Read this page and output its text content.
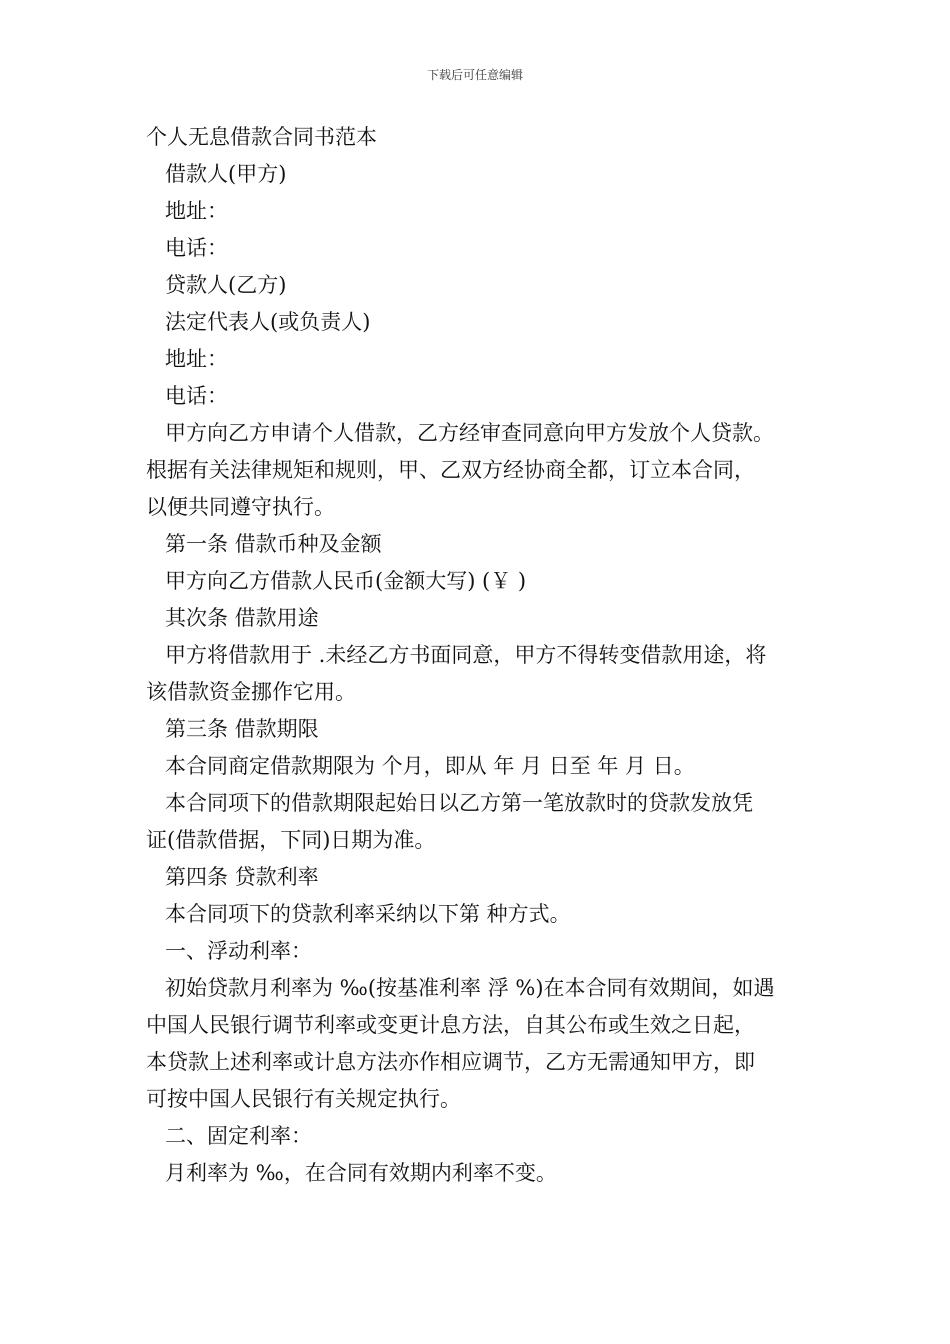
下载后可任意编辑
个人无息借款合同书范本
借款人(甲方)
地址：
电话：
贷款人(乙方)
法定代表人(或负责人)
地址：
电话：
甲方向乙方申请个人借款，乙方经审查同意向甲方发放个人贷款。
根据有关法律规矩和规则，甲、乙双方经协商全都，订立本合同，
以便共同遵守执行。
第一条 借款币种及金额
甲方向乙方借款人民币(金额大写) (￥ )
其次条 借款用途
甲方将借款用于 .未经乙方书面同意，甲方不得转变借款用途，将
该借款资金挪作它用。
第三条 借款期限
本合同商定借款期限为 个月，即从 年 月 日至 年 月 日。
本合同项下的借款期限起始日以乙方第一笔放款时的贷款发放凭
证(借款借据，下同)日期为准。
第四条 贷款利率
本合同项下的贷款利率采纳以下第 种方式。
一、浮动利率：
初始贷款月利率为 ‰(按基准利率 浮 %)在本合同有效期间，如遇
中国人民银行调节利率或变更计息方法，自其公布或生效之日起，
本贷款上述利率或计息方法亦作相应调节，乙方无需通知甲方，即
可按中国人民银行有关规定执行。
二、固定利率：
月利率为 ‰，在合同有效期内利率不变。
